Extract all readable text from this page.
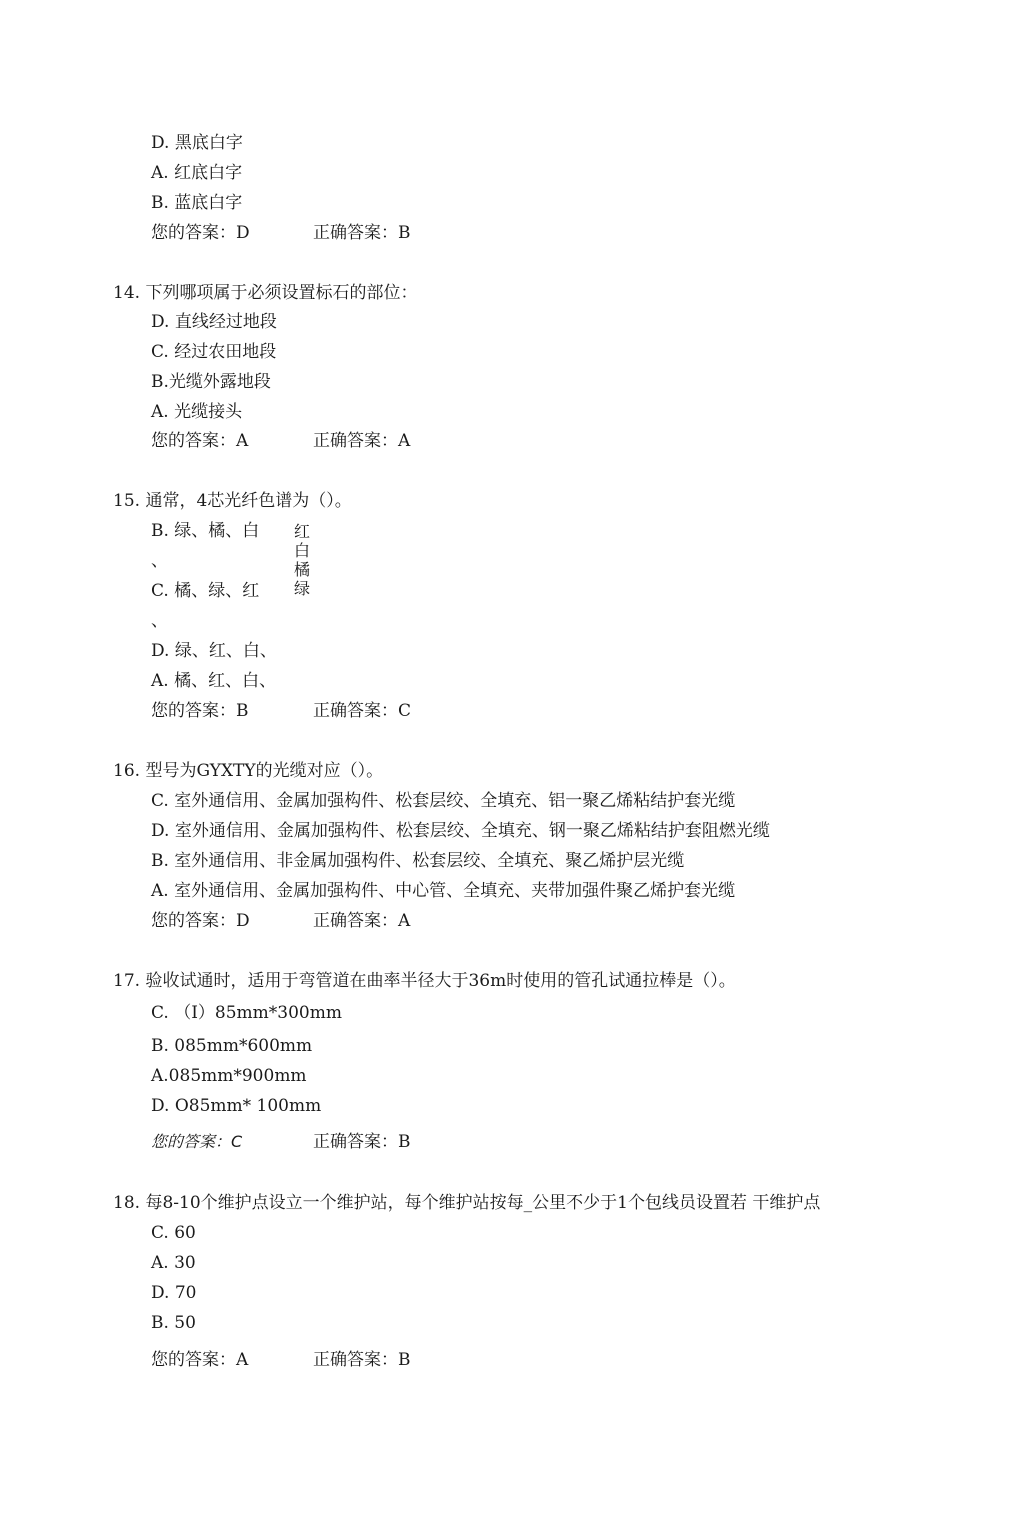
D. 黑底白字
A. 红底白字
B. 蓝底白字
您的答案：D	正确答案：B
14. 下列哪项属于必须设置标石的部位：
D. 直线经过地段
C. 经过农田地段
B.光缆外露地段
A. 光缆接头
您的答案：A	正确答案：A
15. 通常，4芯光纤色谱为（）。
B. 绿、橘、白
、
C. 橘、绿、红
、
D. 绿、红、白、
A. 橘、红、白、
红
白
橘
绿
您的答案：B	正确答案：C
16. 型号为GYXTY的光缆对应（）。
C. 室外通信用、金属加强构件、松套层绞、全填充、铝一聚乙烯粘结护套光缆
D. 室外通信用、金属加强构件、松套层绞、全填充、钢一聚乙烯粘结护套阻燃光缆
B. 室外通信用、非金属加强构件、松套层绞、全填充、聚乙烯护层光缆
A. 室外通信用、金属加强构件、中心管、全填充、夹带加强件聚乙烯护套光缆
您的答案：D	正确答案：A
17. 验收试通时，适用于弯管道在曲率半径大于36m时使用的管孔试通拉棒是（）。
C. （I）85mm*300mm
B. 085mm*600mm
A.085mm*900mm
D. O85mm* 100mm
您的答案：C	正确答案：B
18. 每8-10个维护点设立一个维护站，每个维护站按每_公里不少于1个包线员设置若 干维护点
C. 60
A. 30
D. 70
B. 50
您的答案：A	正确答案：B
